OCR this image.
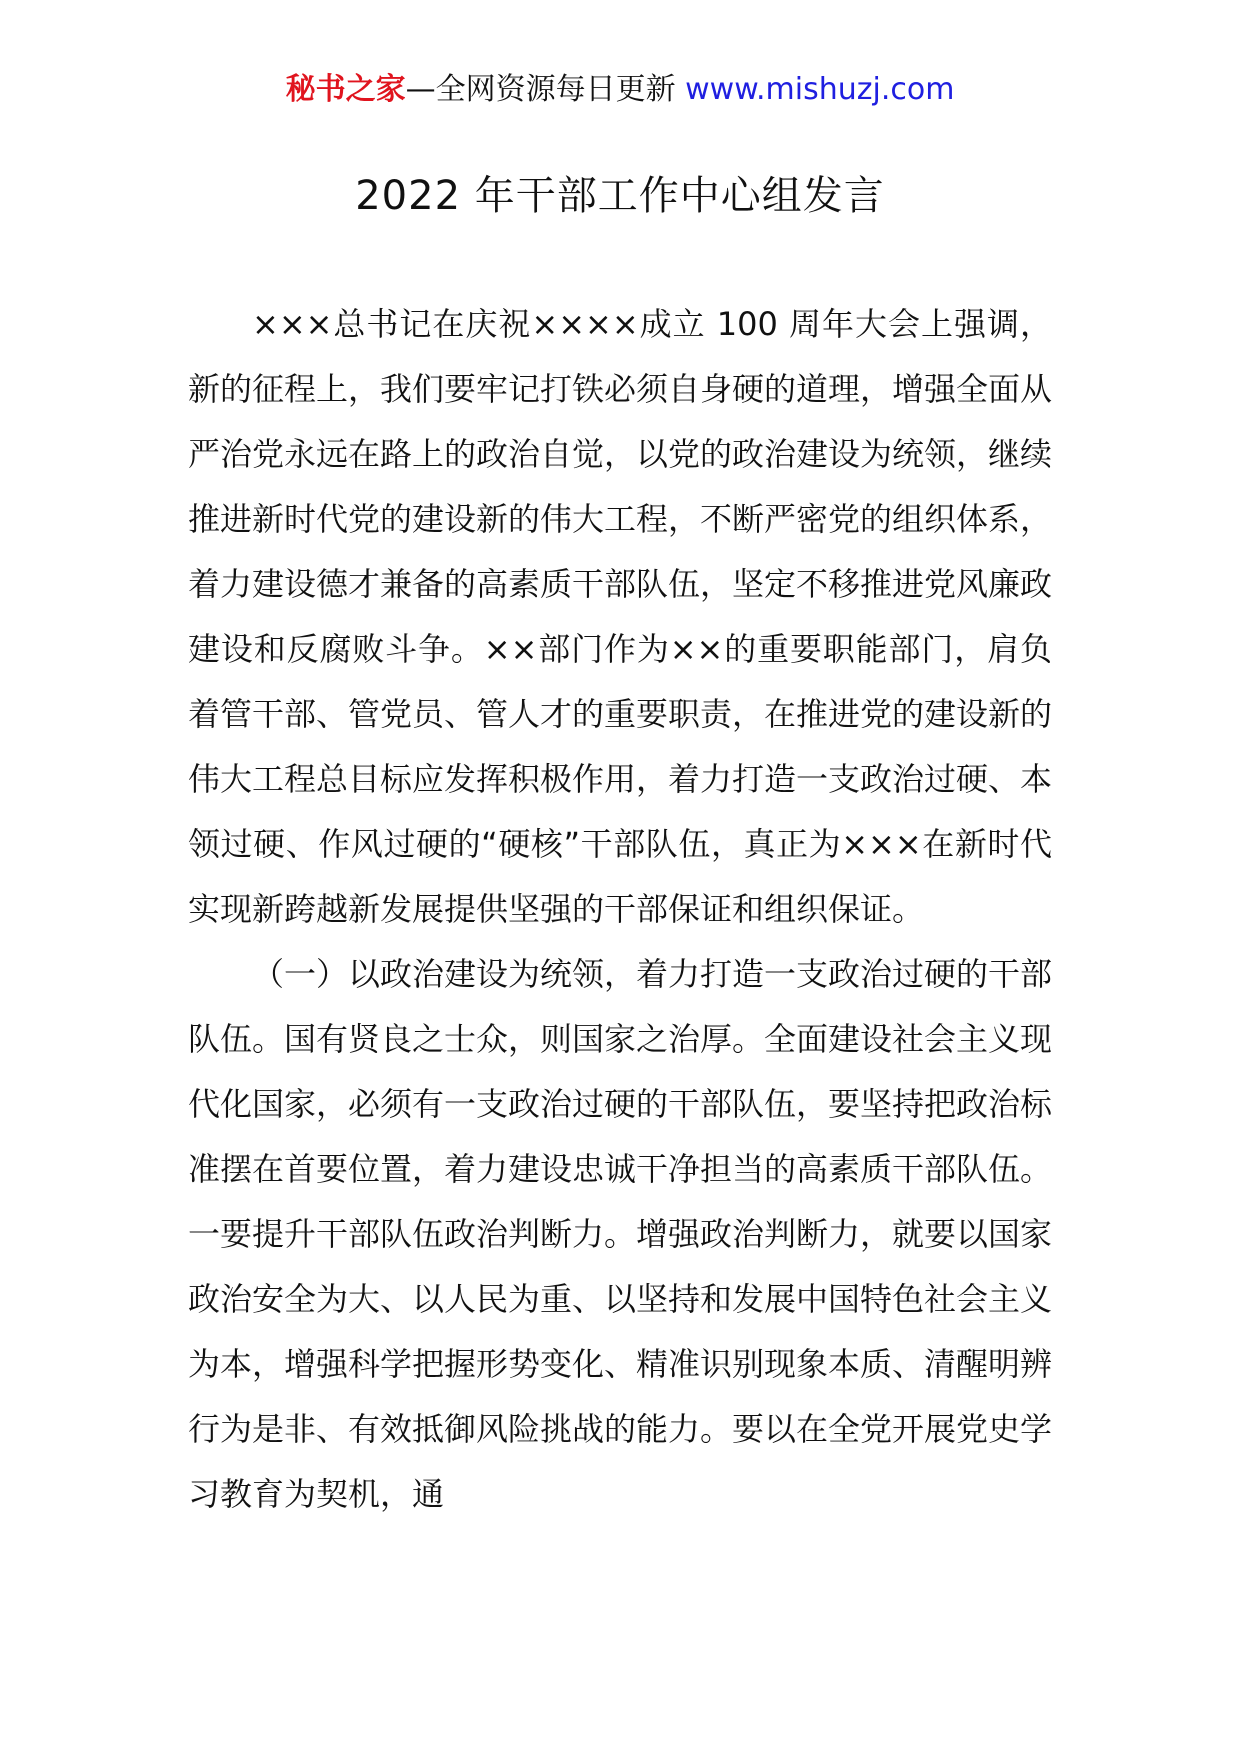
秘书之家—全网资源每日更新 www.mishuzj.com
2022 年干部工作中心组发言

×××总书记在庆祝××××成立 100 周年大会上强调，新的征程上，我们要牢记打铁必须自身硬的道理，增强全面从严治党永远在路上的政治自觉，以党的政治建设为统领，继续推进新时代党的建设新的伟大工程，不断严密党的组织体系，着力建设德才兼备的高素质干部队伍，坚定不移推进党风廉政建设和反腐败斗争。××部门作为××的重要职能部门，肩负着管干部、管党员、管人才的重要职责，在推进党的建设新的伟大工程总目标应发挥积极作用，着力打造一支政治过硬、本领过硬、作风过硬的“硬核”干部队伍，真正为×××在新时代实现新跨越新发展提供坚强的干部保证和组织保证。

（一）以政治建设为统领，着力打造一支政治过硬的干部队伍。国有贤良之士众，则国家之治厚。全面建设社会主义现代化国家，必须有一支政治过硬的干部队伍，要坚持把政治标准摆在首要位置，着力建设忠诚干净担当的高素质干部队伍。一要提升干部队伍政治判断力。增强政治判断力，就要以国家政治安全为大、以人民为重、以坚持和发展中国特色社会主义为本，增强科学把握形势变化、精准识别现象本质、清醒明辨行为是非、有效抵御风险挑战的能力。要以在全党开展党史学习教育为契机，通
